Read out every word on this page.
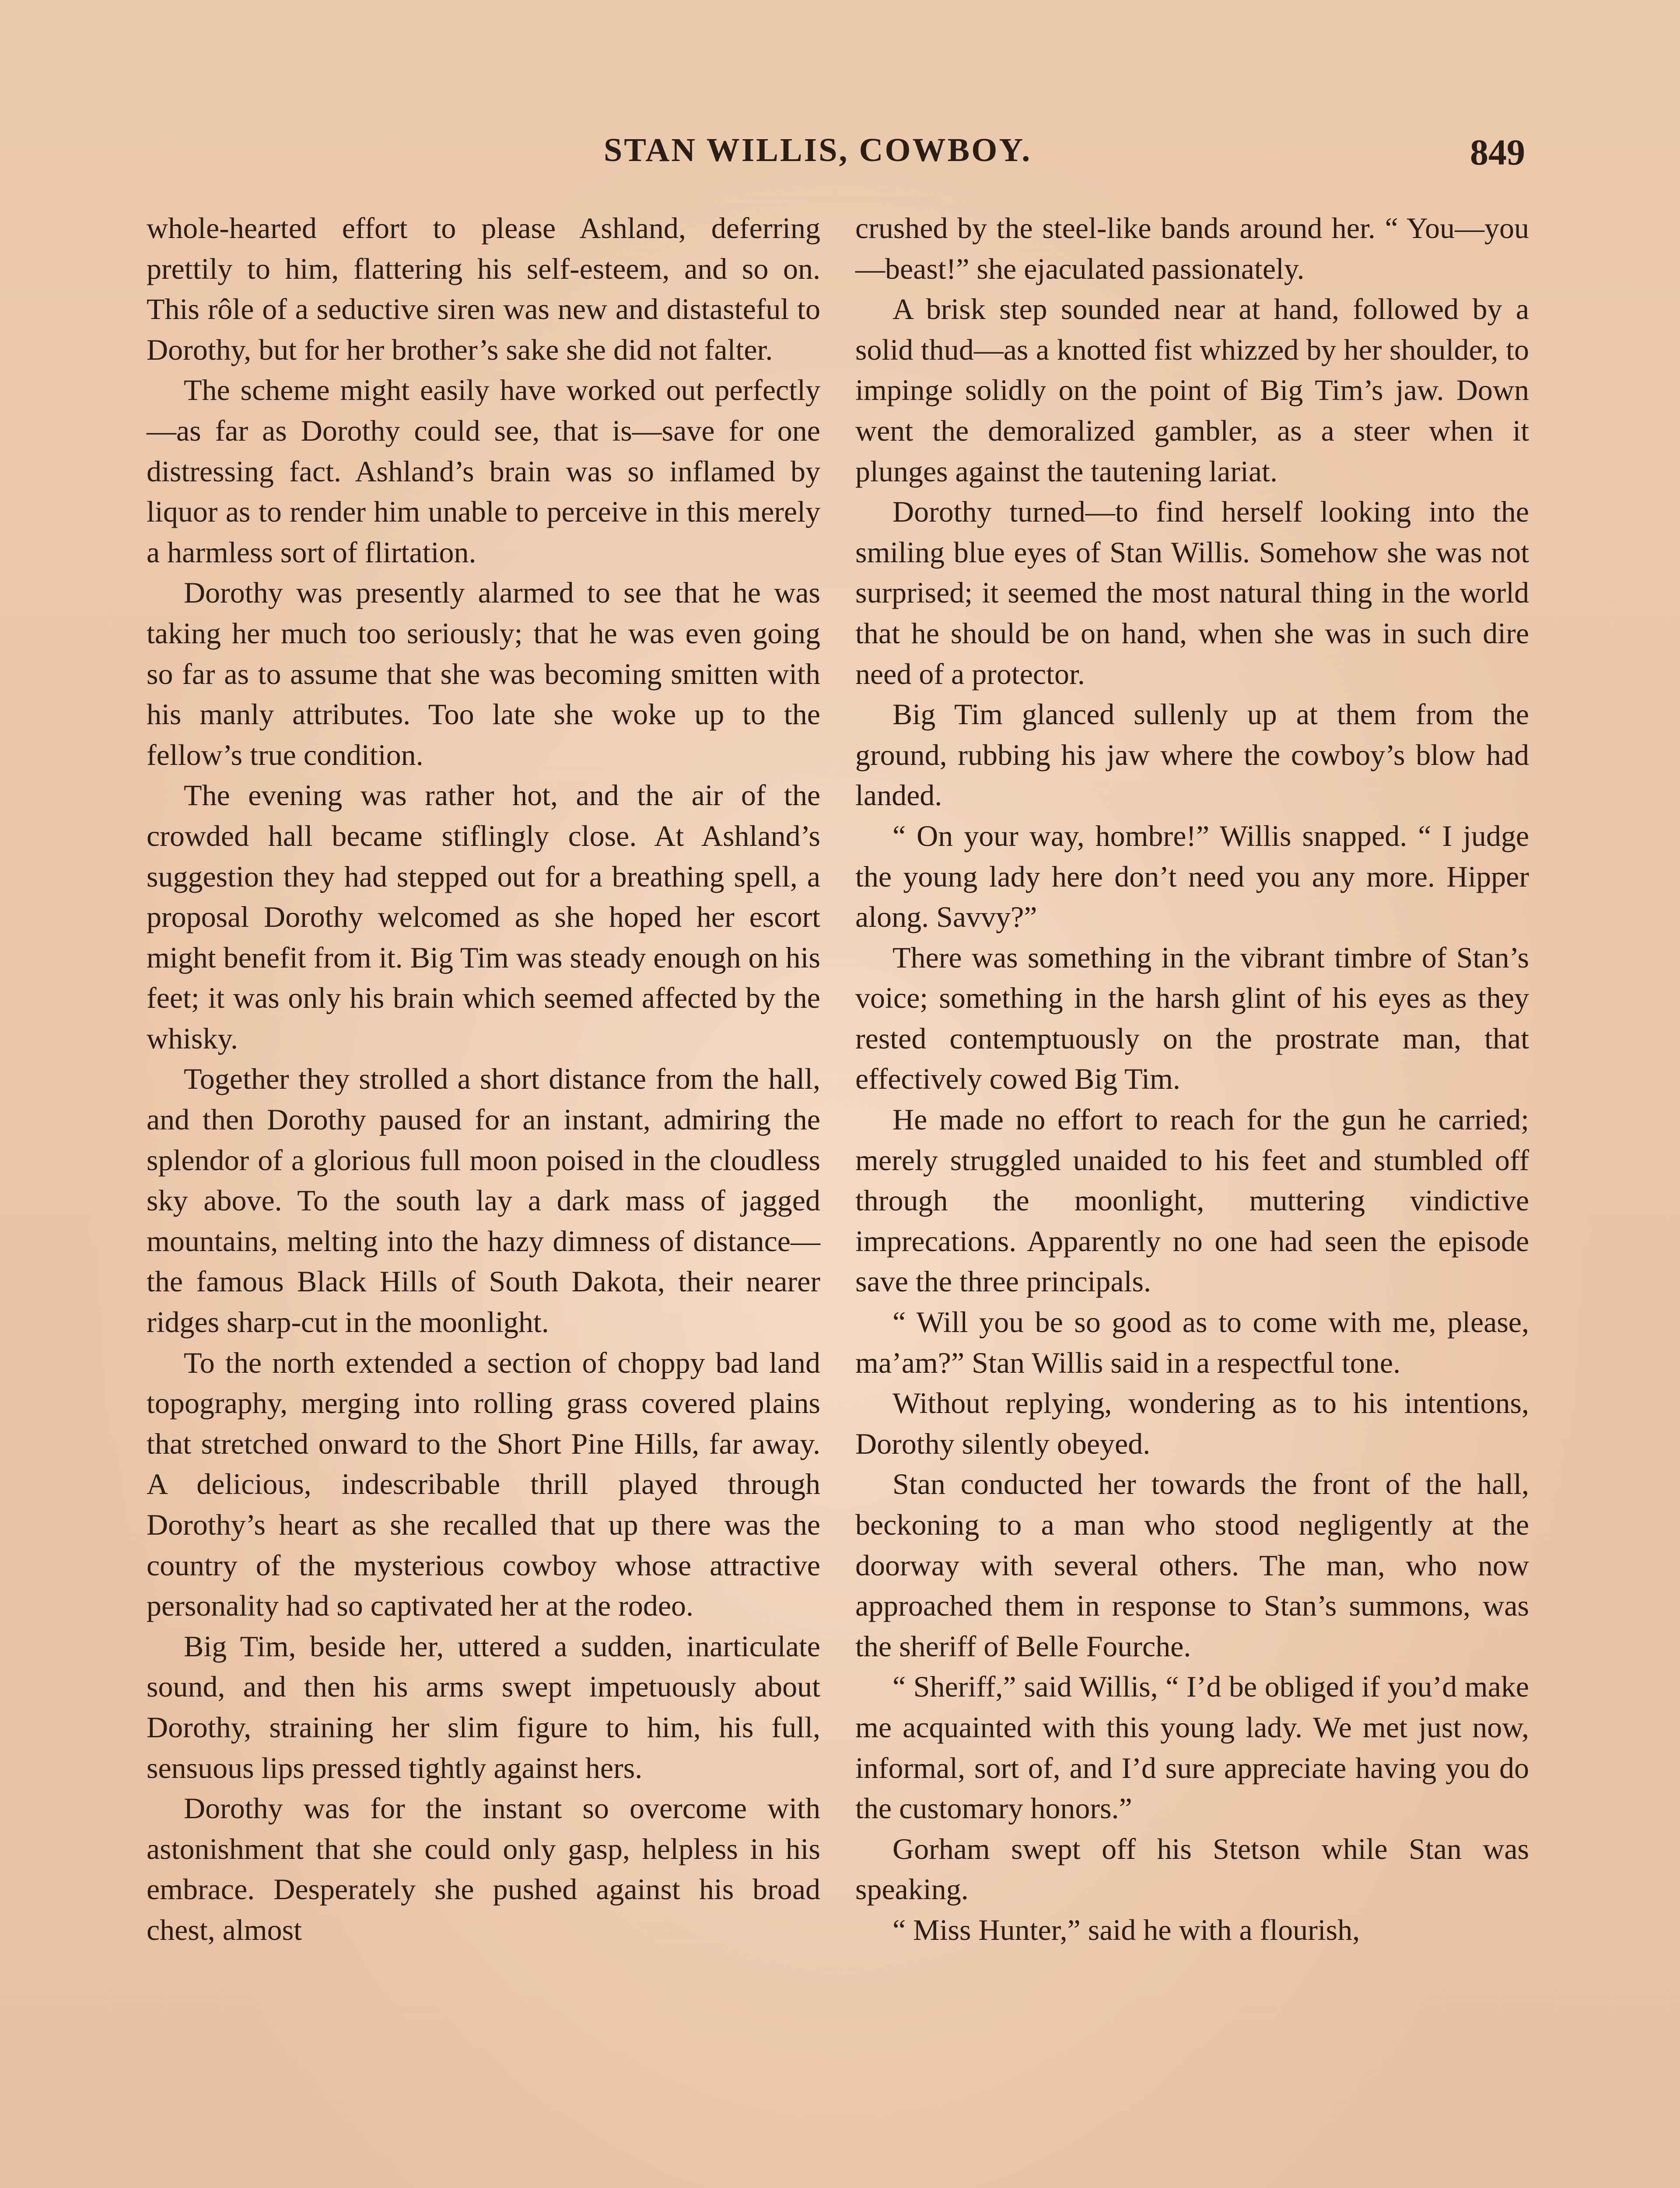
STAN WILLIS, COWBOY.	849

whole-hearted effort to please Ashland, deferring prettily to him, flattering his self-esteem, and so on. This rôle of a seductive siren was new and distasteful to Dorothy, but for her brother’s sake she did not falter.

The scheme might easily have worked out perfectly—as far as Dorothy could see, that is—save for one distressing fact. Ashland’s brain was so inflamed by liquor as to render him unable to perceive in this merely a harmless sort of flirtation.

Dorothy was presently alarmed to see that he was taking her much too seriously; that he was even going so far as to assume that she was becoming smitten with his manly attributes. Too late she woke up to the fellow’s true condition.

The evening was rather hot, and the air of the crowded hall became stiflingly close. At Ashland’s suggestion they had stepped out for a breathing spell, a proposal Dorothy welcomed as she hoped her escort might benefit from it. Big Tim was steady enough on his feet; it was only his brain which seemed affected by the whisky.

Together they strolled a short distance from the hall, and then Dorothy paused for an instant, admiring the splendor of a glorious full moon poised in the cloudless sky above. To the south lay a dark mass of jagged mountains, melting into the hazy dimness of distance—the famous Black Hills of South Dakota, their nearer ridges sharp-cut in the moonlight.

To the north extended a section of choppy bad land topography, merging into rolling grass covered plains that stretched onward to the Short Pine Hills, far away. A delicious, indescribable thrill played through Dorothy’s heart as she recalled that up there was the country of the mysterious cowboy whose attractive personality had so captivated her at the rodeo.

Big Tim, beside her, uttered a sudden, inarticulate sound, and then his arms swept impetuously about Dorothy, straining her slim figure to him, his full, sensuous lips pressed tightly against hers.

Dorothy was for the instant so overcome with astonishment that she could only gasp, helpless in his embrace. Desperately she pushed against his broad chest, almost

crushed by the steel-like bands around her. “ You—you—beast!” she ejaculated passionately.

A brisk step sounded near at hand, followed by a solid thud—as a knotted fist whizzed by her shoulder, to impinge solidly on the point of Big Tim’s jaw. Down went the demoralized gambler, as a steer when it plunges against the tautening lariat.

Dorothy turned—to find herself looking into the smiling blue eyes of Stan Willis. Somehow she was not surprised; it seemed the most natural thing in the world that he should be on hand, when she was in such dire need of a protector.

Big Tim glanced sullenly up at them from the ground, rubbing his jaw where the cowboy’s blow had landed.

“ On your way, hombre!” Willis snapped. “ I judge the young lady here don’t need you any more. Hipper along. Savvy?”

There was something in the vibrant timbre of Stan’s voice; something in the harsh glint of his eyes as they rested contemptuously on the prostrate man, that effectively cowed Big Tim.

He made no effort to reach for the gun he carried; merely struggled unaided to his feet and stumbled off through the moonlight, muttering vindictive imprecations. Apparently no one had seen the episode save the three principals.

“ Will you be so good as to come with me, please, ma’am?” Stan Willis said in a respectful tone.

Without replying, wondering as to his intentions, Dorothy silently obeyed.

Stan conducted her towards the front of the hall, beckoning to a man who stood negligently at the doorway with several others. The man, who now approached them in response to Stan’s summons, was the sheriff of Belle Fourche.

“ Sheriff,” said Willis, “ I’d be obliged if you’d make me acquainted with this young lady. We met just now, informal, sort of, and I’d sure appreciate having you do the customary honors.”

Gorham swept off his Stetson while Stan was speaking.

“ Miss Hunter,” said he with a flourish,
